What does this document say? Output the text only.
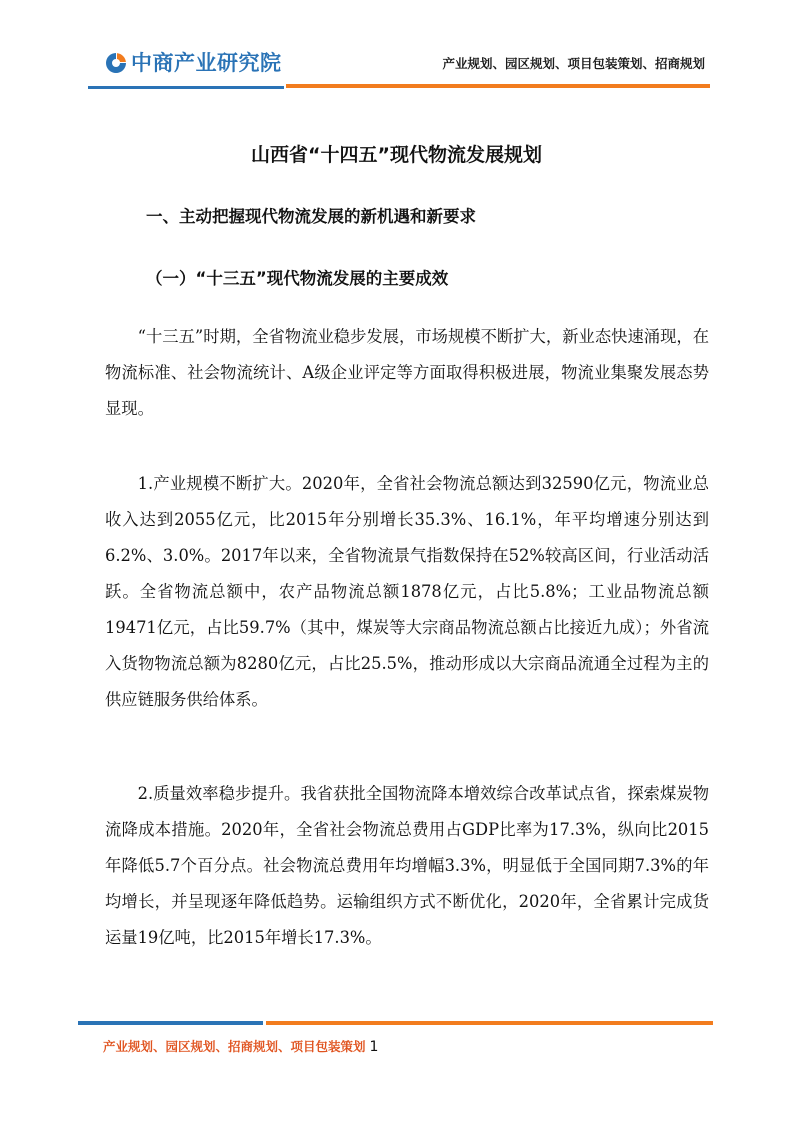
中商产业研究院	产业规划、园区规划、项目包装策划、招商规划
山西省“十四五”现代物流发展规划
一、主动把握现代物流发展的新机遇和新要求
（一）“十三五”现代物流发展的主要成效

“十三五”时期，全省物流业稳步发展，市场规模不断扩大，新业态快速涌现，在物流标准、社会物流统计、A级企业评定等方面取得积极进展，物流业集聚发展态势显现。

1.产业规模不断扩大。2020年，全省社会物流总额达到32590亿元，物流业总收入达到2055亿元，比2015年分别增长35.3%、16.1%，年平均增速分别达到6.2%、3.0%。2017年以来，全省物流景气指数保持在52%较高区间，行业活动活跃。全省物流总额中，农产品物流总额1878亿元，占比5.8%；工业品物流总额19471亿元，占比59.7%（其中，煤炭等大宗商品物流总额占比接近九成）；外省流入货物物流总额为8280亿元，占比25.5%，推动形成以大宗商品流通全过程为主的供应链服务供给体系。

2.质量效率稳步提升。我省获批全国物流降本增效综合改革试点省，探索煤炭物流降成本措施。2020年，全省社会物流总费用占GDP比率为17.3%，纵向比2015年降低5.7个百分点。社会物流总费用年均增幅3.3%，明显低于全国同期7.3%的年均增长，并呈现逐年降低趋势。运输组织方式不断优化，2020年，全省累计完成货运量19亿吨，比2015年增长17.3%。

产业规划、园区规划、招商规划、项目包装策划 1
